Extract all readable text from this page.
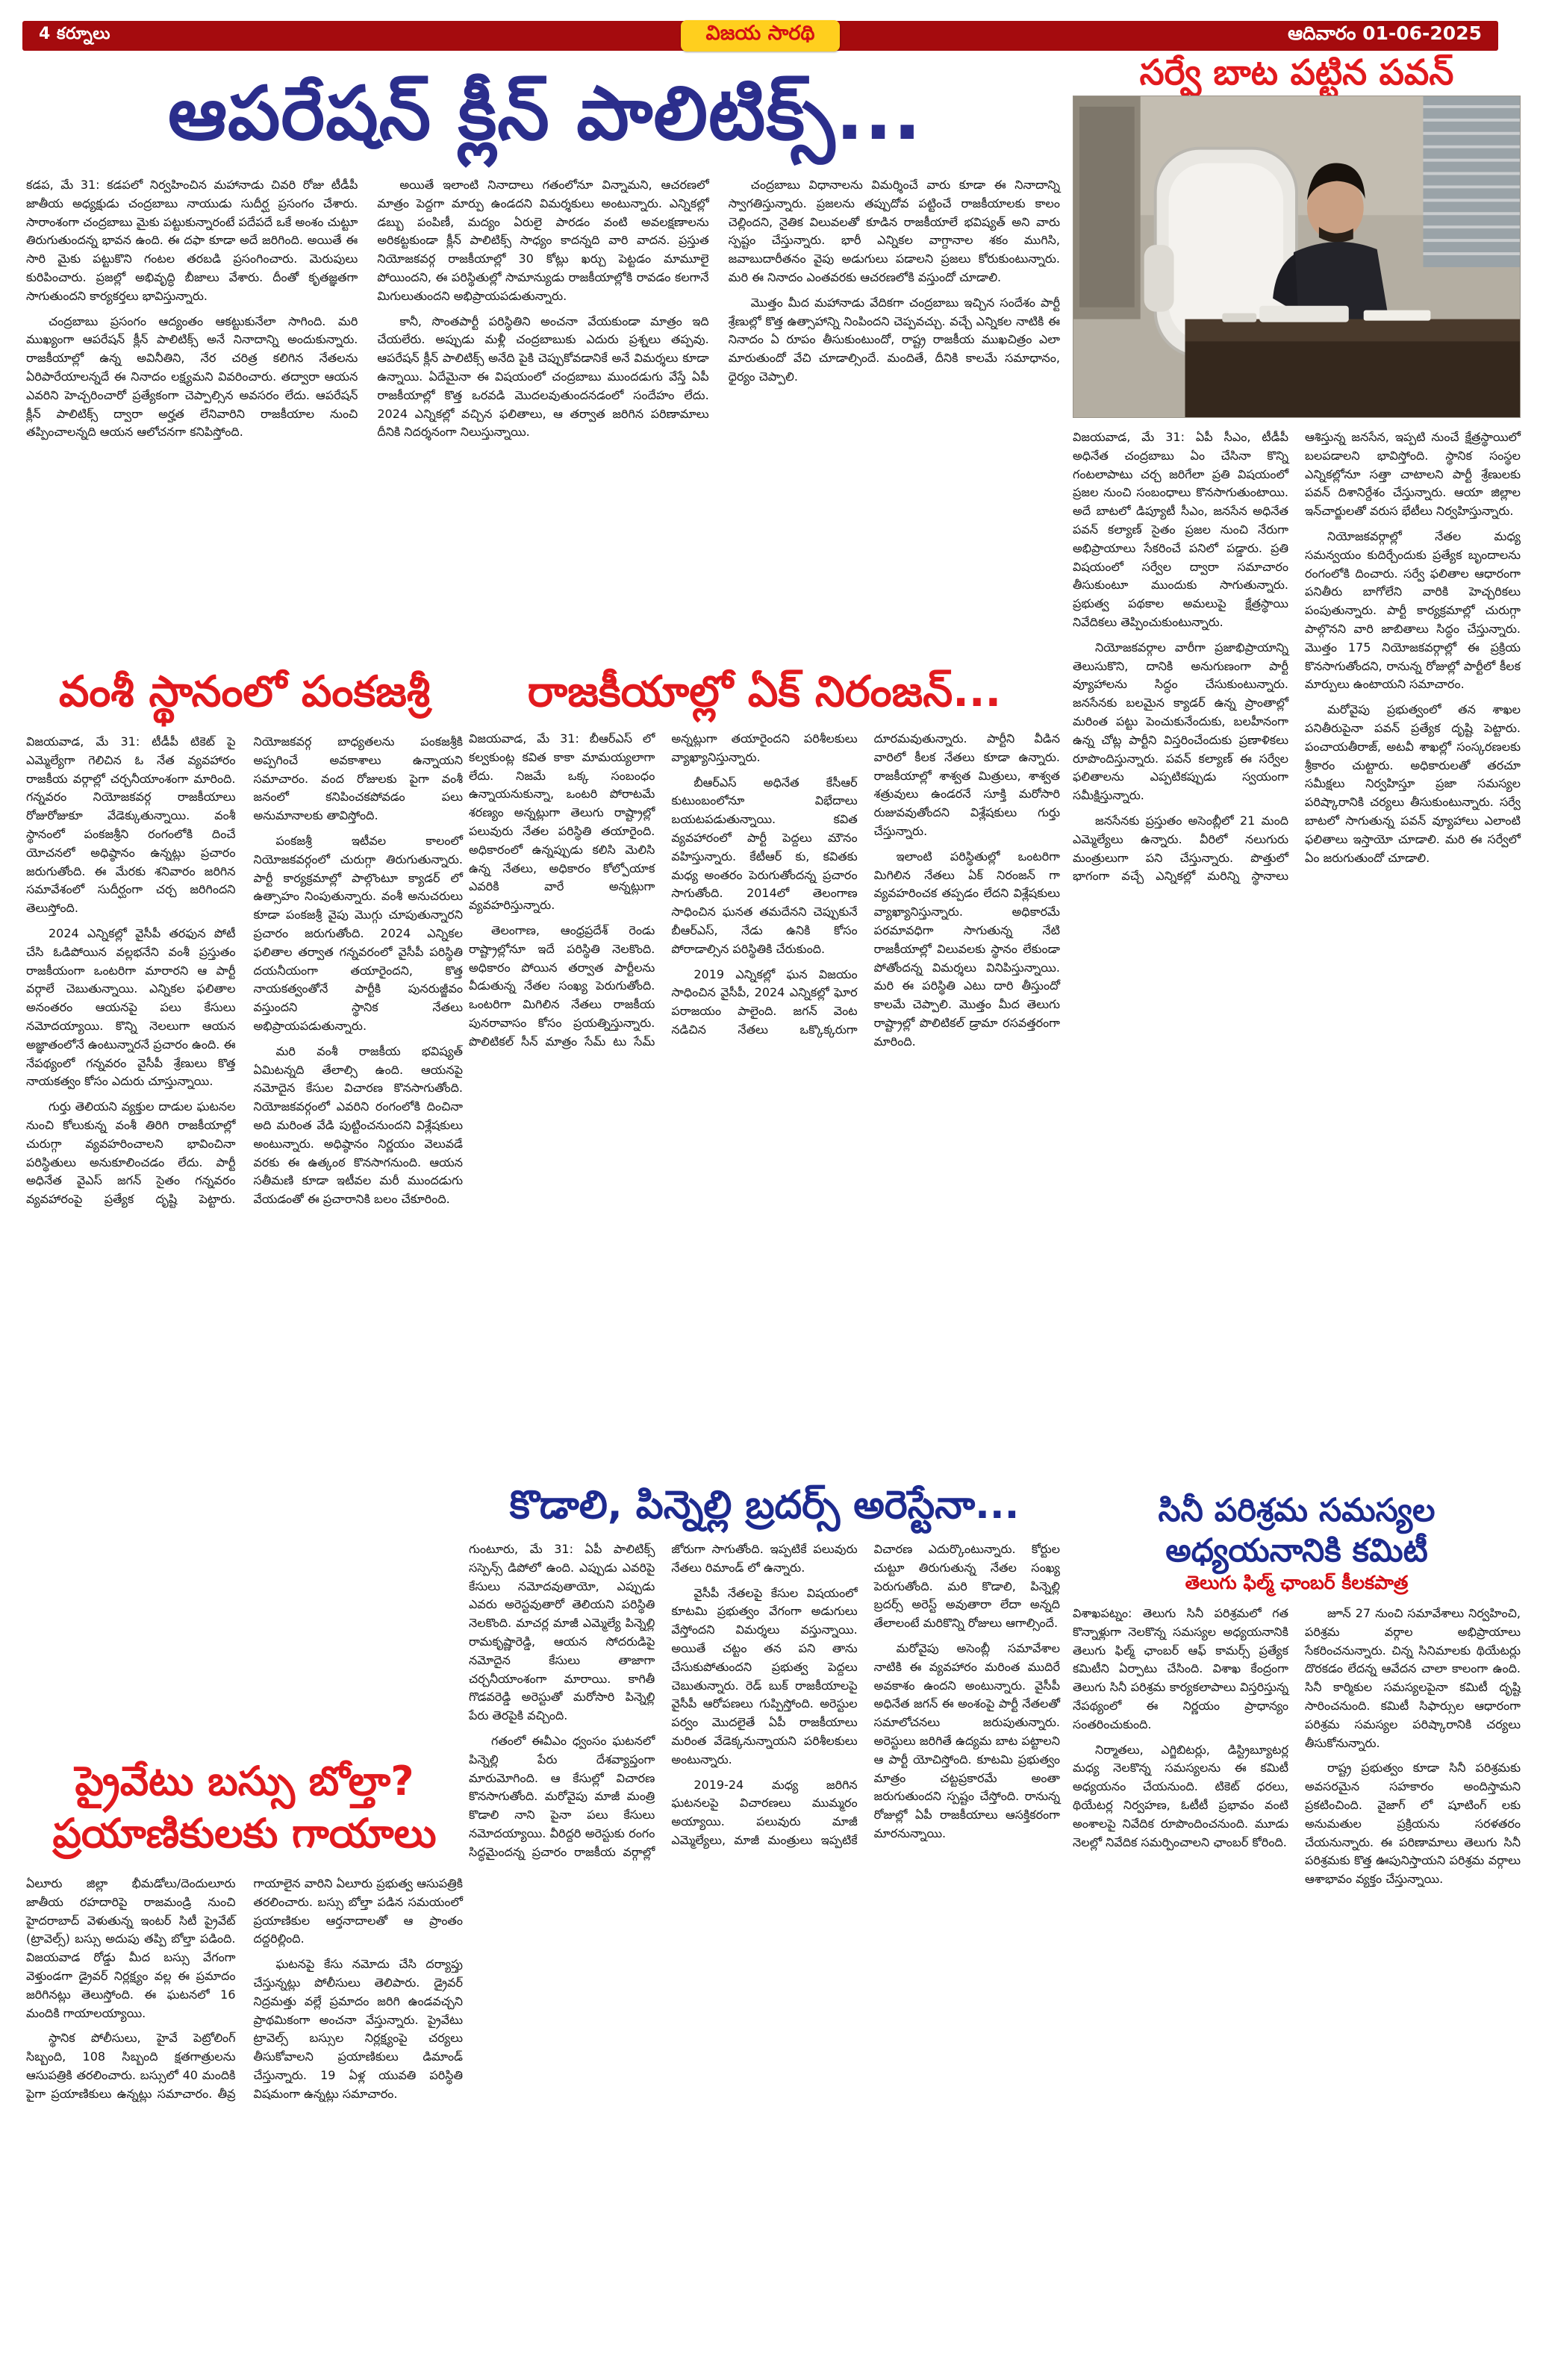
4 కర్నూలు	విజయ సారథి	ఆదివారం 01-06-2025
ఆపరేషన్ క్లీన్ పాలిటిక్స్...

కడప, మే 31: కడపలో నిర్వహించిన మహానాడు చివరి రోజు టీడీపీ జాతీయ అధ్యక్షుడు చంద్రబాబు నాయుడు సుదీర్ఘ ప్రసంగం చేశారు. సారాంశంగా చంద్రబాబు మైకు పట్టుకున్నారంటే పదేపదే ఒకే అంశం చుట్టూ తిరుగుతుందన్న భావన ఉంది. ఈ దఫా కూడా అదే జరిగింది. అయితే ఈ సారి మైకు పట్టుకొని గంటల తరబడి ప్రసంగించారు. మెరుపులు కురిపించారు. ప్రజల్లో అభివృద్ధి బీజాలు వేశారు. దీంతో కృతజ్ఞతగా సాగుతుందని కార్యకర్తలు భావిస్తున్నారు.

చంద్రబాబు ప్రసంగం ఆద్యంతం ఆకట్టుకునేలా సాగింది. మరి ముఖ్యంగా ఆపరేషన్ క్లీన్ పాలిటిక్స్ అనే నినాదాన్ని అందుకున్నారు. రాజకీయాల్లో ఉన్న అవినీతిని, నేర చరిత్ర కలిగిన నేతలను ఏరిపారేయాలన్నదే ఈ నినాదం లక్ష్యమని వివరించారు. తద్వారా ఆయన ఎవరిని హెచ్చరించారో ప్రత్యేకంగా చెప్పాల్సిన అవసరం లేదు. ఆపరేషన్ క్లీన్ పాలిటిక్స్ ద్వారా అర్హత లేనివారిని రాజకీయాల నుంచి తప్పించాలన్నది ఆయన ఆలోచనగా కనిపిస్తోంది.

అయితే ఇలాంటి నినాదాలు గతంలోనూ విన్నామని, ఆచరణలో మాత్రం పెద్దగా మార్పు ఉండదని విమర్శకులు అంటున్నారు. ఎన్నికల్లో డబ్బు పంపిణీ, మద్యం ఏరులై పారడం వంటి అవలక్షణాలను అరికట్టకుండా క్లీన్ పాలిటిక్స్ సాధ్యం కాదన్నది వారి వాదన. ప్రస్తుత నియోజకవర్గ రాజకీయాల్లో 30 కోట్లు ఖర్చు పెట్టడం మామూలై పోయిందని, ఈ పరిస్థితుల్లో సామాన్యుడు రాజకీయాల్లోకి రావడం కలగానే మిగులుతుందని అభిప్రాయపడుతున్నారు.

కానీ, సొంతపార్టీ పరిస్థితిని అంచనా వేయకుండా మాత్రం ఇది చేయలేరు. అప్పుడు మళ్లీ చంద్రబాబుకు ఎదురు ప్రశ్నలు తప్పవు. ఆపరేషన్ క్లీన్ పాలిటిక్స్ అనేది పైకి చెప్పుకోవడానికే అనే విమర్శలు కూడా ఉన్నాయి. ఏదేమైనా ఈ విషయంలో చంద్రబాబు ముందడుగు వేస్తే ఏపీ రాజకీయాల్లో కొత్త ఒరవడి మొదలవుతుందనడంలో సందేహం లేదు. 2024 ఎన్నికల్లో వచ్చిన ఫలితాలు, ఆ తర్వాత జరిగిన పరిణామాలు దీనికి నిదర్శనంగా నిలుస్తున్నాయి.

చంద్రబాబు విధానాలను విమర్శించే వారు కూడా ఈ నినాదాన్ని స్వాగతిస్తున్నారు. ప్రజలను తప్పుదోవ పట్టించే రాజకీయాలకు కాలం చెల్లిందని, నైతిక విలువలతో కూడిన రాజకీయాలే భవిష్యత్ అని వారు స్పష్టం చేస్తున్నారు. భారీ ఎన్నికల వాగ్దానాల శకం ముగిసి, జవాబుదారీతనం వైపు అడుగులు పడాలని ప్రజలు కోరుకుంటున్నారు. మరి ఈ నినాదం ఎంతవరకు ఆచరణలోకి వస్తుందో చూడాలి.

మొత్తం మీద మహానాడు వేదికగా చంద్రబాబు ఇచ్చిన సందేశం పార్టీ శ్రేణుల్లో కొత్త ఉత్సాహాన్ని నింపిందని చెప్పవచ్చు. వచ్చే ఎన్నికల నాటికి ఈ నినాదం ఏ రూపం తీసుకుంటుందో, రాష్ట్ర రాజకీయ ముఖచిత్రం ఎలా మారుతుందో వేచి చూడాల్సిందే. మందితే, దీనికి కాలమే సమాధానం, ధైర్యం చెప్పాలి.

సర్వే బాట పట్టిన పవన్

విజయవాడ, మే 31: ఏపీ సీఎం, టీడీపీ అధినేత చంద్రబాబు ఏం చేసినా కొన్ని గంటలాపాటు చర్చ జరిగేలా ప్రతి విషయంలో ప్రజల నుంచి సంబంధాలు కొనసాగుతుంటాయి. అదే బాటలో డిప్యూటీ సీఎం, జనసేన అధినేత పవన్ కల్యాణ్ సైతం ప్రజల నుంచి నేరుగా అభిప్రాయాలు సేకరించే పనిలో పడ్డారు. ప్రతి విషయంలో సర్వేల ద్వారా సమాచారం తీసుకుంటూ ముందుకు సాగుతున్నారు. ప్రభుత్వ పథకాల అమలుపై క్షేత్రస్థాయి నివేదికలు తెప్పించుకుంటున్నారు.

నియోజకవర్గాల వారీగా ప్రజాభిప్రాయాన్ని తెలుసుకొని, దానికి అనుగుణంగా పార్టీ వ్యూహాలను సిద్ధం చేసుకుంటున్నారు. జనసేనకు బలమైన క్యాడర్ ఉన్న ప్రాంతాల్లో మరింత పట్టు పెంచుకునేందుకు, బలహీనంగా ఉన్న చోట్ల పార్టీని విస్తరించేందుకు ప్రణాళికలు రూపొందిస్తున్నారు. పవన్ కల్యాణ్ ఈ సర్వేల ఫలితాలను ఎప్పటికప్పుడు స్వయంగా సమీక్షిస్తున్నారు.

జనసేనకు ప్రస్తుతం అసెంబ్లీలో 21 మంది ఎమ్మెల్యేలు ఉన్నారు. వీరిలో నలుగురు మంత్రులుగా పని చేస్తున్నారు. పొత్తులో భాగంగా వచ్చే ఎన్నికల్లో మరిన్ని స్థానాలు ఆశిస్తున్న జనసేన, ఇప్పటి నుంచే క్షేత్రస్థాయిలో బలపడాలని భావిస్తోంది. స్థానిక సంస్థల ఎన్నికల్లోనూ సత్తా చాటాలని పార్టీ శ్రేణులకు పవన్ దిశానిర్దేశం చేస్తున్నారు. ఆయా జిల్లాల ఇన్‌చార్జులతో వరుస భేటీలు నిర్వహిస్తున్నారు.

నియోజకవర్గాల్లో నేతల మధ్య సమన్వయం కుదిర్చేందుకు ప్రత్యేక బృందాలను రంగంలోకి దించారు. సర్వే ఫలితాల ఆధారంగా పనితీరు బాగోలేని వారికి హెచ్చరికలు పంపుతున్నారు. పార్టీ కార్యక్రమాల్లో చురుగ్గా పాల్గొనని వారి జాబితాలు సిద్ధం చేస్తున్నారు. మొత్తం 175 నియోజకవర్గాల్లో ఈ ప్రక్రియ కొనసాగుతోందని, రానున్న రోజుల్లో పార్టీలో కీలక మార్పులు ఉంటాయని సమాచారం.

మరోవైపు ప్రభుత్వంలో తన శాఖల పనితీరుపైనా పవన్ ప్రత్యేక దృష్టి పెట్టారు. పంచాయతీరాజ్, అటవీ శాఖల్లో సంస్కరణలకు శ్రీకారం చుట్టారు. అధికారులతో తరచూ సమీక్షలు నిర్వహిస్తూ ప్రజా సమస్యల పరిష్కారానికి చర్యలు తీసుకుంటున్నారు. సర్వే బాటలో సాగుతున్న పవన్ వ్యూహాలు ఎలాంటి ఫలితాలు ఇస్తాయో చూడాలి. మరి ఈ సర్వేలో ఏం జరుగుతుందో చూడాలి.

వంశీ స్థానంలో పంకజశ్రీ

విజయవాడ, మే 31: టీడీపీ టికెట్ పై ఎమ్మెల్యేగా గెలిచిన ఓ నేత వ్యవహారం రాజకీయ వర్గాల్లో చర్చనీయాంశంగా మారింది. గన్నవరం నియోజకవర్గ రాజకీయాలు రోజురోజుకూ వేడెక్కుతున్నాయి. వంశీ స్థానంలో పంకజశ్రీని రంగంలోకి దించే యోచనలో అధిష్ఠానం ఉన్నట్లు ప్రచారం జరుగుతోంది. ఈ మేరకు శనివారం జరిగిన సమావేశంలో సుదీర్ఘంగా చర్చ జరిగిందని తెలుస్తోంది.

2024 ఎన్నికల్లో వైసీపీ తరఫున పోటీ చేసి ఓడిపోయిన వల్లభనేని వంశీ ప్రస్తుతం రాజకీయంగా ఒంటరిగా మారారని ఆ పార్టీ వర్గాలే చెబుతున్నాయి. ఎన్నికల ఫలితాల అనంతరం ఆయనపై పలు కేసులు నమోదయ్యాయి. కొన్ని నెలలుగా ఆయన అజ్ఞాతంలోనే ఉంటున్నారనే ప్రచారం ఉంది. ఈ నేపథ్యంలో గన్నవరం వైసీపీ శ్రేణులు కొత్త నాయకత్వం కోసం ఎదురు చూస్తున్నాయి.

గుర్తు తెలియని వ్యక్తుల దాడుల ఘటనల నుంచి కోలుకున్న వంశీ తిరిగి రాజకీయాల్లో చురుగ్గా వ్యవహరించాలని భావించినా పరిస్థితులు అనుకూలించడం లేదు. పార్టీ అధినేత వైఎస్ జగన్ సైతం గన్నవరం వ్యవహారంపై ప్రత్యేక దృష్టి పెట్టారు. నియోజకవర్గ బాధ్యతలను పంకజశ్రీకి అప్పగించే అవకాశాలు ఉన్నాయని సమాచారం. వంద రోజులకు పైగా వంశీ జనంలో కనిపించకపోవడం పలు అనుమానాలకు తావిస్తోంది.

పంకజశ్రీ ఇటీవల కాలంలో నియోజకవర్గంలో చురుగ్గా తిరుగుతున్నారు. పార్టీ కార్యక్రమాల్లో పాల్గొంటూ క్యాడర్ లో ఉత్సాహం నింపుతున్నారు. వంశీ అనుచరులు కూడా పంకజశ్రీ వైపు మొగ్గు చూపుతున్నారని ప్రచారం జరుగుతోంది. 2024 ఎన్నికల ఫలితాల తర్వాత గన్నవరంలో వైసీపీ పరిస్థితి దయనీయంగా తయారైందని, కొత్త నాయకత్వంతోనే పార్టీకి పునరుజ్జీవం వస్తుందని స్థానిక నేతలు అభిప్రాయపడుతున్నారు.

మరి వంశీ రాజకీయ భవిష్యత్ ఏమిటన్నది తేలాల్సి ఉంది. ఆయనపై నమోదైన కేసుల విచారణ కొనసాగుతోంది. నియోజకవర్గంలో ఎవరిని రంగంలోకి దించినా అది మరింత వేడి పుట్టించనుందని విశ్లేషకులు అంటున్నారు. అధిష్ఠానం నిర్ణయం వెలువడే వరకు ఈ ఉత్కంఠ కొనసాగనుంది. ఆయన సతీమణి కూడా ఇటీవల మరీ ముందడుగు వేయడంతో ఈ ప్రచారానికి బలం చేకూరింది.

రాజకీయాల్లో ఏక్ నిరంజన్...

విజయవాడ, మే 31: బీఆర్ఎస్ లో కల్వకుంట్ల కవిత కాకా మామయ్యలాగా లేదు. నిజమే ఒక్క సంబంధం ఉన్నాయనుకున్నా, ఒంటరి పోరాటమే శరణ్యం అన్నట్లుగా తెలుగు రాష్ట్రాల్లో పలువురు నేతల పరిస్థితి తయారైంది. అధికారంలో ఉన్నప్పుడు కలిసి మెలిసి ఉన్న నేతలు, అధికారం కోల్పోయాక ఎవరికి వారే అన్నట్లుగా వ్యవహరిస్తున్నారు.

తెలంగాణ, ఆంధ్రప్రదేశ్ రెండు రాష్ట్రాల్లోనూ ఇదే పరిస్థితి నెలకొంది. అధికారం పోయిన తర్వాత పార్టీలను వీడుతున్న నేతల సంఖ్య పెరుగుతోంది. ఒంటరిగా మిగిలిన నేతలు రాజకీయ పునరావాసం కోసం ప్రయత్నిస్తున్నారు. పొలిటికల్ సీన్ మాత్రం సేమ్ టు సేమ్ అన్నట్లుగా తయారైందని పరిశీలకులు వ్యాఖ్యానిస్తున్నారు.

బీఆర్ఎస్ అధినేత కేసీఆర్ కుటుంబంలోనూ విభేదాలు బయటపడుతున్నాయి. కవిత వ్యవహారంలో పార్టీ పెద్దలు మౌనం వహిస్తున్నారు. కేటీఆర్ కు, కవితకు మధ్య అంతరం పెరుగుతోందన్న ప్రచారం సాగుతోంది. 2014లో తెలంగాణ సాధించిన ఘనత తమదేనని చెప్పుకునే బీఆర్ఎస్, నేడు ఉనికి కోసం పోరాడాల్సిన పరిస్థితికి చేరుకుంది.

2019 ఎన్నికల్లో ఘన విజయం సాధించిన వైసీపీ, 2024 ఎన్నికల్లో ఘోర పరాజయం పాలైంది. జగన్ వెంట నడిచిన నేతలు ఒక్కొక్కరుగా దూరమవుతున్నారు. పార్టీని వీడిన వారిలో కీలక నేతలు కూడా ఉన్నారు. రాజకీయాల్లో శాశ్వత మిత్రులు, శాశ్వత శత్రువులు ఉండరనే సూక్తి మరోసారి రుజువవుతోందని విశ్లేషకులు గుర్తు చేస్తున్నారు.

ఇలాంటి పరిస్థితుల్లో ఒంటరిగా మిగిలిన నేతలు ఏక్ నిరంజన్ గా వ్యవహరించక తప్పడం లేదని విశ్లేషకులు వ్యాఖ్యానిస్తున్నారు. అధికారమే పరమావధిగా సాగుతున్న నేటి రాజకీయాల్లో విలువలకు స్థానం లేకుండా పోతోందన్న విమర్శలు వినిపిస్తున్నాయి. మరి ఈ పరిస్థితి ఎటు దారి తీస్తుందో కాలమే చెప్పాలి. మొత్తం మీద తెలుగు రాష్ట్రాల్లో పొలిటికల్ డ్రామా రసవత్తరంగా మారింది.

కొడాలి, పిన్నెల్లి బ్రదర్స్ అరెస్టేనా...

గుంటూరు, మే 31: ఏపీ పాలిటిక్స్ సస్పెన్స్ డిపోలో ఉంది. ఎప్పుడు ఎవరిపై కేసులు నమోదవుతాయో, ఎప్పుడు ఎవరు అరెస్టవుతారో తెలియని పరిస్థితి నెలకొంది. మాచర్ల మాజీ ఎమ్మెల్యే పిన్నెల్లి రామకృష్ణారెడ్డి, ఆయన సోదరుడిపై నమోదైన కేసులు తాజాగా చర్చనీయాంశంగా మారాయి. కాగితీ గొడవరెడ్డి అరెస్టుతో మరోసారి పిన్నెల్లి పేరు తెరపైకి వచ్చింది.

గతంలో ఈవీఎం ధ్వంసం ఘటనలో పిన్నెల్లి పేరు దేశవ్యాప్తంగా మారుమోగింది. ఆ కేసుల్లో విచారణ కొనసాగుతోంది. మరోవైపు మాజీ మంత్రి కొడాలి నాని పైనా పలు కేసులు నమోదయ్యాయి. వీరిద్దరి అరెస్టుకు రంగం సిద్ధమైందన్న ప్రచారం రాజకీయ వర్గాల్లో జోరుగా సాగుతోంది. ఇప్పటికే పలువురు నేతలు రిమాండ్ లో ఉన్నారు.

వైసీపీ నేతలపై కేసుల విషయంలో కూటమి ప్రభుత్వం వేగంగా అడుగులు వేస్తోందని విమర్శలు వస్తున్నాయి. అయితే చట్టం తన పని తాను చేసుకుపోతుందని ప్రభుత్వ పెద్దలు చెబుతున్నారు. రెడ్ బుక్ రాజకీయాలపై వైసీపీ ఆరోపణలు గుప్పిస్తోంది. అరెస్టుల పర్వం మొదలైతే ఏపీ రాజకీయాలు మరింత వేడెక్కనున్నాయని పరిశీలకులు అంటున్నారు.

2019-24 మధ్య జరిగిన ఘటనలపై విచారణలు ముమ్మరం అయ్యాయి. పలువురు మాజీ ఎమ్మెల్యేలు, మాజీ మంత్రులు ఇప్పటికే విచారణ ఎదుర్కొంటున్నారు. కోర్టుల చుట్టూ తిరుగుతున్న నేతల సంఖ్య పెరుగుతోంది. మరి కొడాలి, పిన్నెల్లి బ్రదర్స్ అరెస్ట్ అవుతారా లేదా అన్నది తేలాలంటే మరికొన్ని రోజులు ఆగాల్సిందే.

మరోవైపు అసెంబ్లీ సమావేశాల నాటికి ఈ వ్యవహారం మరింత ముదిరే అవకాశం ఉందని అంటున్నారు. వైసీపీ అధినేత జగన్ ఈ అంశంపై పార్టీ నేతలతో సమాలోచనలు జరుపుతున్నారు. అరెస్టులు జరిగితే ఉద్యమ బాట పట్టాలని ఆ పార్టీ యోచిస్తోంది. కూటమి ప్రభుత్వం మాత్రం చట్టప్రకారమే అంతా జరుగుతుందని స్పష్టం చేస్తోంది. రానున్న రోజుల్లో ఏపీ రాజకీయాలు ఆసక్తికరంగా మారనున్నాయి.

ప్రైవేటు బస్సు బోల్తా?
ప్రయాణికులకు గాయాలు

ఏలూరు జిల్లా భీమడోలు/దెందులూరు జాతీయ రహదారిపై రాజమండ్రి నుంచి హైదరాబాద్ వెళుతున్న ఇంటర్ సిటీ ప్రైవేట్ (ట్రావెల్స్) బస్సు అదుపు తప్పి బోల్తా పడింది. విజయవాడ రోడ్డు మీద బస్సు వేగంగా వెళ్తుండగా డ్రైవర్ నిర్లక్ష్యం వల్ల ఈ ప్రమాదం జరిగినట్లు తెలుస్తోంది. ఈ ఘటనలో 16 మందికి గాయాలయ్యాయి.

స్థానిక పోలీసులు, హైవే పెట్రోలింగ్ సిబ్బంది, 108 సిబ్బంది క్షతగాత్రులను ఆసుపత్రికి తరలించారు. బస్సులో 40 మందికి పైగా ప్రయాణికులు ఉన్నట్లు సమాచారం. తీవ్ర గాయాలైన వారిని ఏలూరు ప్రభుత్వ ఆసుపత్రికి తరలించారు. బస్సు బోల్తా పడిన సమయంలో ప్రయాణికుల ఆర్తనాదాలతో ఆ ప్రాంతం దద్దరిల్లింది.

ఘటనపై కేసు నమోదు చేసి దర్యాప్తు చేస్తున్నట్లు పోలీసులు తెలిపారు. డ్రైవర్ నిద్రమత్తు వల్లే ప్రమాదం జరిగి ఉండవచ్చని ప్రాథమికంగా అంచనా వేస్తున్నారు. ప్రైవేటు ట్రావెల్స్ బస్సుల నిర్లక్ష్యంపై చర్యలు తీసుకోవాలని ప్రయాణికులు డిమాండ్ చేస్తున్నారు. 19 ఏళ్ల యువతి పరిస్థితి విషమంగా ఉన్నట్లు సమాచారం.

సినీ పరిశ్రమ సమస్యల అధ్యయనానికి కమిటీ
తెలుగు ఫిల్మ్ ఛాంబర్ కీలకపాత్ర

విశాఖపట్నం: తెలుగు సినీ పరిశ్రమలో గత కొన్నాళ్లుగా నెలకొన్న సమస్యల అధ్యయనానికి తెలుగు ఫిల్మ్ ఛాంబర్ ఆఫ్ కామర్స్ ప్రత్యేక కమిటీని ఏర్పాటు చేసింది. విశాఖ కేంద్రంగా తెలుగు సినీ పరిశ్రమ కార్యకలాపాలు విస్తరిస్తున్న నేపథ్యంలో ఈ నిర్ణయం ప్రాధాన్యం సంతరించుకుంది.

నిర్మాతలు, ఎగ్జిబిటర్లు, డిస్ట్రిబ్యూటర్ల మధ్య నెలకొన్న సమస్యలను ఈ కమిటీ అధ్యయనం చేయనుంది. టికెట్ ధరలు, థియేటర్ల నిర్వహణ, ఓటీటీ ప్రభావం వంటి అంశాలపై నివేదిక రూపొందించనుంది. మూడు నెలల్లో నివేదిక సమర్పించాలని ఛాంబర్ కోరింది.

జూన్ 27 నుంచి సమావేశాలు నిర్వహించి, పరిశ్రమ వర్గాల అభిప్రాయాలు సేకరించనున్నారు. చిన్న సినిమాలకు థియేటర్లు దొరకడం లేదన్న ఆవేదన చాలా కాలంగా ఉంది. సినీ కార్మికుల సమస్యలపైనా కమిటీ దృష్టి సారించనుంది. కమిటీ సిఫార్సుల ఆధారంగా పరిశ్రమ సమస్యల పరిష్కారానికి చర్యలు తీసుకోనున్నారు.

రాష్ట్ర ప్రభుత్వం కూడా సినీ పరిశ్రమకు అవసరమైన సహకారం అందిస్తామని ప్రకటించింది. వైజాగ్ లో షూటింగ్ లకు అనుమతుల ప్రక్రియను సరళతరం చేయనున్నారు. ఈ పరిణామాలు తెలుగు సినీ పరిశ్రమకు కొత్త ఊపునిస్తాయని పరిశ్రమ వర్గాలు ఆశాభావం వ్యక్తం చేస్తున్నాయి.
